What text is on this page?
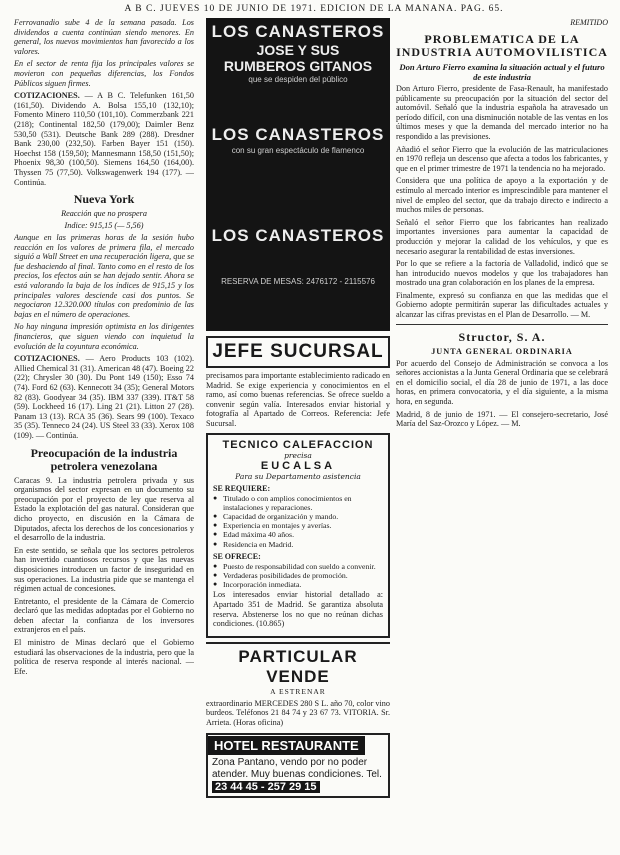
A B C. JUEVES 10 DE JUNIO DE 1971. EDICION DE LA MAÑANA. PAG. 65.

Ferrovanadio sube 4 de la semana pasada. Los dividendos a cuenta continúan siendo menores. En general, los nuevos movimientos han favorecido a los valores.

En el sector de renta fija los principales valores se movieron con pequeñas diferencias, los Fondos Públicos siguen firmes.

COTIZACIONES. — A B C. Telefunken 161,50 (161,50). Dividendo A. Bolsa 155,10 (132,10); Fomento Minero 110,50 (101,10). Commerzbank 221 (218); Continental 182,50 (179,00); Daimler Benz 530,50 (531). Deutsche Bank 289 (288). Dresdner Bank 230,00 (232,50). Farben Bayer 151 (150). Hoechst 158 (159,50); Mannesmann 158,50 (151,50); Phoenix 98,30 (100,50). Siemens 164,50 (164,00). Thyssen 75 (77,50). Volkswagenwerk 194 (177). — Continúa.

Nueva York
Reacción que no prospera
Indice: 915,15 (— 5,56)

Aunque en las primeras horas de la sesión hubo reacción en los valores de primera fila, el mercado siguió a Wall Street en una recuperación ligera, que se fue deshaciendo al final. Tanto como en el resto de los precios, los efectos aún se han dejado sentir. Ahora se está valorando la baja de los índices de 915,15 y los principales valores desciende casi dos puntos. Se negociaron 12.320.000 títulos con predominio de las bajas en el número de operaciones.

No hay ninguna impresión optimista en los dirigentes financieros, que siguen viendo con inquietud la evolución de la coyuntura económica.

COTIZACIONES. — Aero Products 103 (102). Allied Chemical 31 (31). American 48 (47). Boeing 22 (22); Chrysler 30 (30). Du Pont 149 (150); Esso 74 (74). Ford 62 (63). Kennecott 34 (35); General Motors 82 (83). Goodyear 34 (35). IBM 337 (339). IT&T 58 (59). Lockheed 16 (17). Ling 21 (21). Litton 27 (28). Panam 13 (13). RCA 35 (36). Sears 99 (100). Texaco 35 (35). Tenneco 24 (24). US Steel 33 (33). Xerox 108 (109). — Continúa.

Preocupación de la industria petrolera venezolana

Caracas 9. La industria petrolera privada y sus organismos del sector expresan en un documento su preocupación por el proyecto de ley que reserva al Estado la explotación del gas natural. Consideran que dicho proyecto, en discusión en la Cámara de Diputados, afecta los derechos de los concesionarios y el desarrollo de la industria.

En este sentido, se señala que los sectores petroleros han invertido cuantiosos recursos y que las nuevas disposiciones introducen un factor de inseguridad en sus operaciones. La industria pide que se mantenga el régimen actual de concesiones.

Entretanto, el presidente de la Cámara de Comercio declaró que las medidas adoptadas por el Gobierno no deben afectar la confianza de los inversores extranjeros en el país.

El ministro de Minas declaró que el Gobierno estudiará las observaciones de la industria, pero que la política de reserva responde al interés nacional. — Efe.

LOS CANASTEROS
JOSE Y SUS
RUMBEROS GITANOS
que se despiden del público
LOS CANASTEROS
con su gran espectáculo de flamenco
LOS CANASTEROS
RESERVA DE MESAS: 2476172 - 2115576
JEFE SUCURSAL

precisamos para importante establecimiento radicado en Madrid. Se exige experiencia y conocimientos en el ramo, así como buenas referencias. Se ofrece sueldo a convenir según valía. Interesados enviar historial y fotografía al Apartado de Correos. Referencia: Jefe Sucursal.

TECNICO CALEFACCION
precisa
EUCALSA
Para su Departamento asistencia
SE REQUIERE:
● Titulado o con amplios conocimientos en instalaciones y reparaciones.
● Capacidad de organización y mando.
● Experiencia en montajes y averías.
● Edad máxima 40 años.
● Residencia en Madrid.
SE OFRECE:
● Puesto de responsabilidad con sueldo a convenir.
● Verdaderas posibilidades de promoción.
● Incorporación inmediata.

Los interesados enviar historial detallado a: Apartado 351 de Madrid. Se garantiza absoluta reserva. Abstenerse los no que no reúnan dichas condiciones. (10.865)

PARTICULAR VENDE
A ESTRENAR

extraordinario MERCEDES 280 S L. año 70, color vino burdeos. Teléfonos 21 84 74 y 23 67 73. VITORIA. Sr. Arrieta. (Horas oficina)

HOTEL RESTAURANTE
Zona Pantano, vendo por no poder atender. Muy buenas condiciones. Tel. 23 44 45 - 257 29 15
REMITIDO
PROBLEMATICA DE LA INDUSTRIA AUTOMOVILISTICA
Don Arturo Fierro examina la situación actual y el futuro de este industria

Don Arturo Fierro, presidente de Fasa-Renault, ha manifestado públicamente su preocupación por la situación del sector del automóvil. Señaló que la industria española ha atravesado un período difícil, con una disminución notable de las ventas en los últimos meses y que la demanda del mercado interior no ha respondido a las previsiones.

Añadió el señor Fierro que la evolución de las matriculaciones en 1970 refleja un descenso que afecta a todos los fabricantes, y que en el primer trimestre de 1971 la tendencia no ha mejorado.

Considera que una política de apoyo a la exportación y de estímulo al mercado interior es imprescindible para mantener el nivel de empleo del sector, que da trabajo directo e indirecto a muchos miles de personas.

Señaló el señor Fierro que los fabricantes han realizado importantes inversiones para aumentar la capacidad de producción y mejorar la calidad de los vehículos, y que es necesario asegurar la rentabilidad de estas inversiones.

Por lo que se refiere a la factoría de Valladolid, indicó que se han introducido nuevos modelos y que los trabajadores han mostrado una gran colaboración en los planes de la empresa.

Finalmente, expresó su confianza en que las medidas que el Gobierno adopte permitirán superar las dificultades actuales y alcanzar las cifras previstas en el Plan de Desarrollo. — M.

Structor, S. A.
JUNTA GENERAL ORDINARIA

Por acuerdo del Consejo de Administración se convoca a los señores accionistas a la Junta General Ordinaria que se celebrará en el domicilio social, el día 28 de junio de 1971, a las doce horas, en primera convocatoria, y el día siguiente, a la misma hora, en segunda.

Madrid, 8 de junio de 1971. — El consejero-secretario, José María del Saz-Orozco y López. — M.
